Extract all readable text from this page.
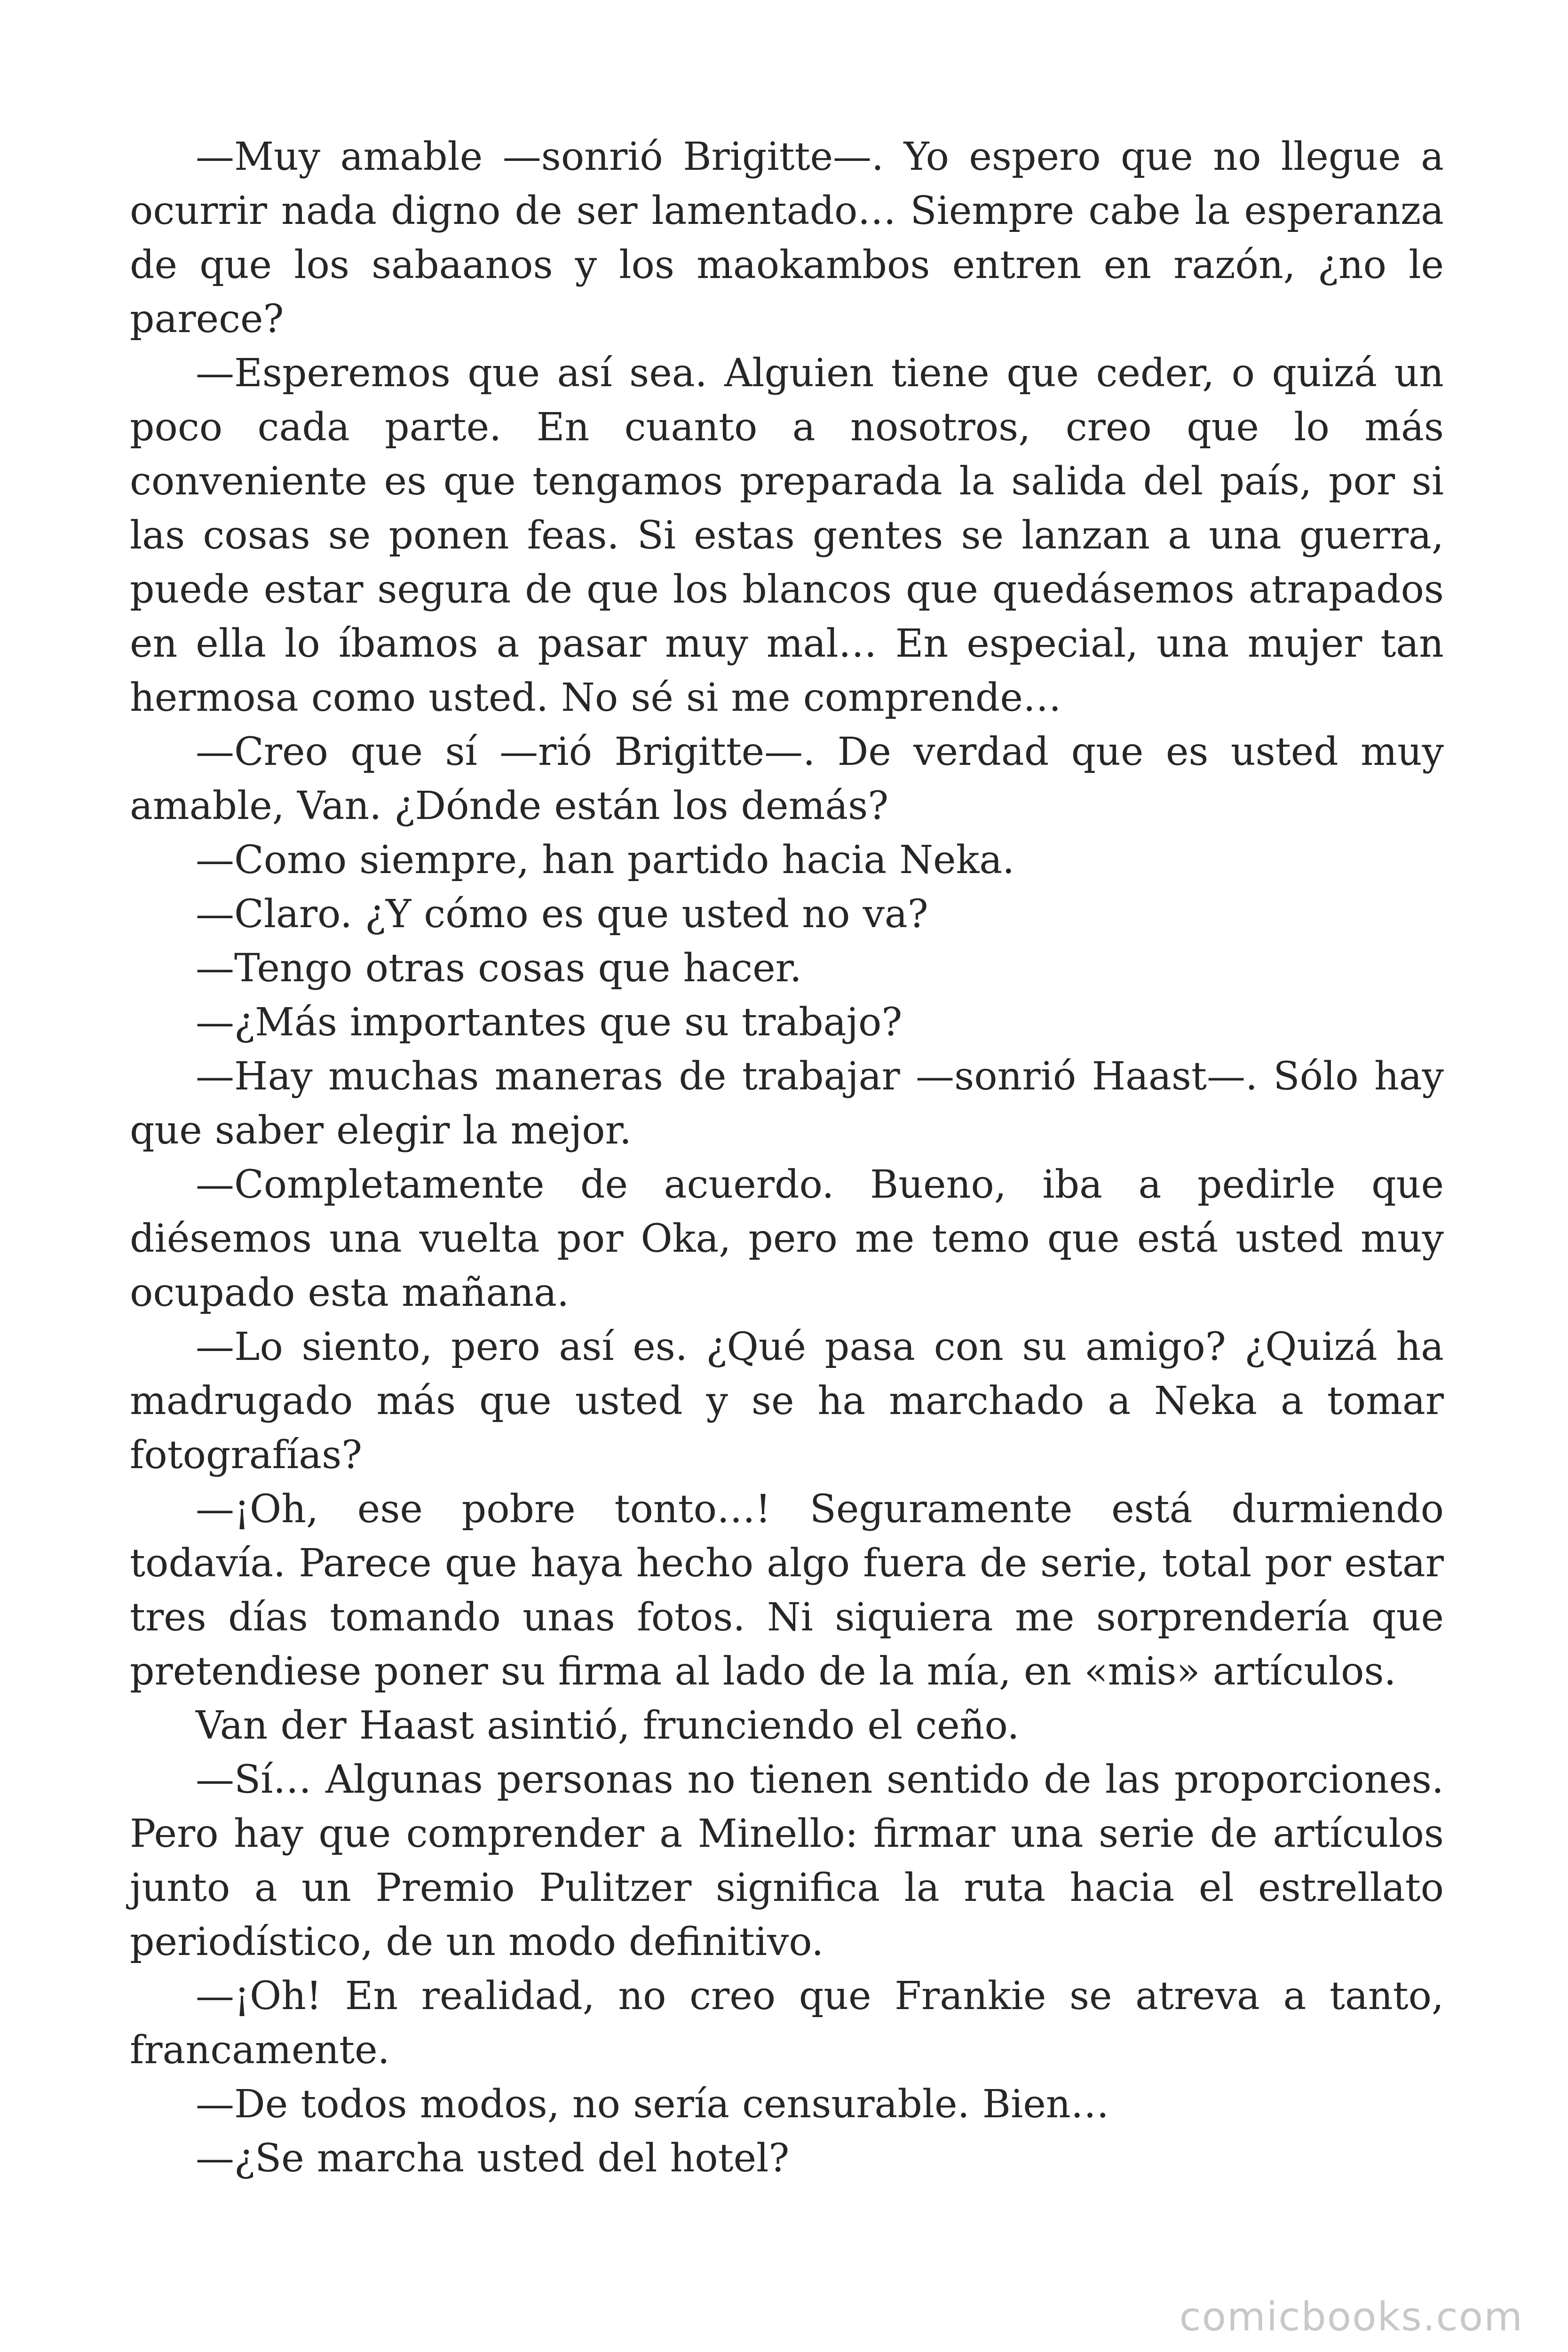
—Muy amable —sonrió Brigitte—. Yo espero que no llegue a ocurrir nada digno de ser lamentado… Siempre cabe la esperanza de que los sabaanos y los maokambos entren en razón, ¿no le parece?

—Esperemos que así sea. Alguien tiene que ceder, o quizá un poco cada parte. En cuanto a nosotros, creo que lo más conveniente es que tengamos preparada la salida del país, por si las cosas se ponen feas. Si estas gentes se lanzan a una guerra, puede estar segura de que los blancos que quedásemos atrapados en ella lo íbamos a pasar muy mal… En especial, una mujer tan hermosa como usted. No sé si me comprende…

—Creo que sí —rió Brigitte—. De verdad que es usted muy amable, Van. ¿Dónde están los demás?

—Como siempre, han partido hacia Neka.

—Claro. ¿Y cómo es que usted no va?

—Tengo otras cosas que hacer.

—¿Más importantes que su trabajo?

—Hay muchas maneras de trabajar —sonrió Haast—. Sólo hay que saber elegir la mejor.

—Completamente de acuerdo. Bueno, iba a pedirle que diésemos una vuelta por Oka, pero me temo que está usted muy ocupado esta mañana.

—Lo siento, pero así es. ¿Qué pasa con su amigo? ¿Quizá ha madrugado más que usted y se ha marchado a Neka a tomar fotografías?

—¡Oh, ese pobre tonto…! Seguramente está durmiendo todavía. Parece que haya hecho algo fuera de serie, total por estar tres días tomando unas fotos. Ni siquiera me sorprendería que pretendiese poner su firma al lado de la mía, en «mis» artículos.

Van der Haast asintió, frunciendo el ceño.

—Sí… Algunas personas no tienen sentido de las proporciones. Pero hay que comprender a Minello: firmar una serie de artículos junto a un Premio Pulitzer significa la ruta hacia el estrellato periodístico, de un modo definitivo.

—¡Oh! En realidad, no creo que Frankie se atreva a tanto, francamente.

—De todos modos, no sería censurable. Bien…

—¿Se marcha usted del hotel?

comicbooks.com
